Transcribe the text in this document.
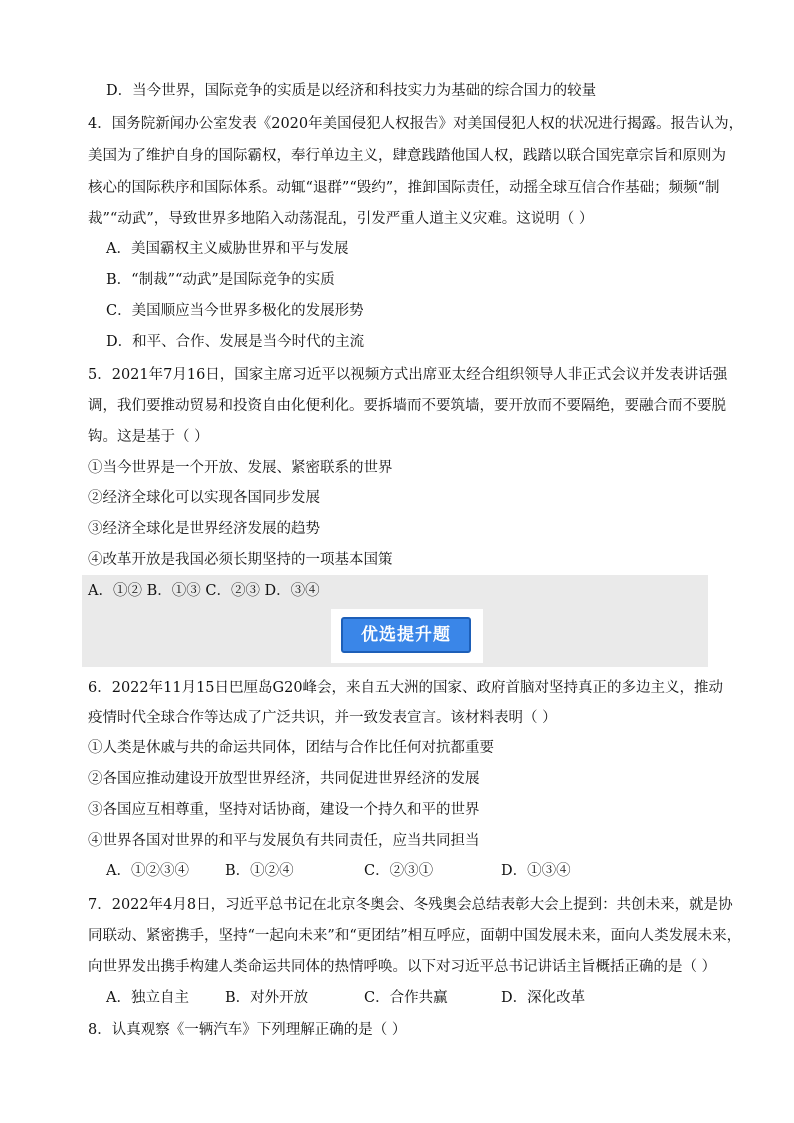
D．当今世界，国际竞争的实质是以经济和科技实力为基础的综合国力的较量
4．国务院新闻办公室发表《2020年美国侵犯人权报告》对美国侵犯人权的状况进行揭露。报告认为，
美国为了维护自身的国际霸权，奉行单边主义，肆意践踏他国人权，践踏以联合国宪章宗旨和原则为
核心的国际秩序和国际体系。动辄“退群”“毁约”，推卸国际责任，动摇全球互信合作基础；频频“制
裁”“动武”，导致世界多地陷入动荡混乱，引发严重人道主义灾难。这说明（ ）
A．美国霸权主义威胁世界和平与发展
B．“制裁”“动武”是国际竞争的实质
C．美国顺应当今世界多极化的发展形势
D．和平、合作、发展是当今时代的主流
5．2021年7月16日，国家主席习近平以视频方式出席亚太经合组织领导人非正式会议并发表讲话强
调，我们要推动贸易和投资自由化便利化。要拆墙而不要筑墙，要开放而不要隔绝，要融合而不要脱
钩。这是基于（ ）
①当今世界是一个开放、发展、紧密联系的世界
②经济全球化可以实现各国同步发展
③经济全球化是世界经济发展的趋势
④改革开放是我国必须长期坚持的一项基本国策
A．①② B．①③ C．②③ D．③④
优选提升题
6．2022年11月15日巴厘岛G20峰会，来自五大洲的国家、政府首脑对坚持真正的多边主义，推动
疫情时代全球合作等达成了广泛共识，并一致发表宣言。该材料表明（ ）
①人类是休戚与共的命运共同体，团结与合作比任何对抗都重要
②各国应推动建设开放型世界经济，共同促进世界经济的发展
③各国应互相尊重，坚持对话协商，建设一个持久和平的世界
④世界各国对世界的和平与发展负有共同责任，应当共同担当
A．①②③④ B．①②④	C．②③①	D．①③④
7．2022年4月8日，习近平总书记在北京冬奥会、冬残奥会总结表彰大会上提到：共创未来，就是协
同联动、紧密携手，坚持“一起向未来”和“更团结”相互呼应，面朝中国发展未来，面向人类发展未来，
向世界发出携手构建人类命运共同体的热情呼唤。以下对习近平总书记讲话主旨概括正确的是（ ）
A．独立自主 B．对外开放	C．合作共赢	D．深化改革
8．认真观察《一辆汽车》下列理解正确的是（ ）
